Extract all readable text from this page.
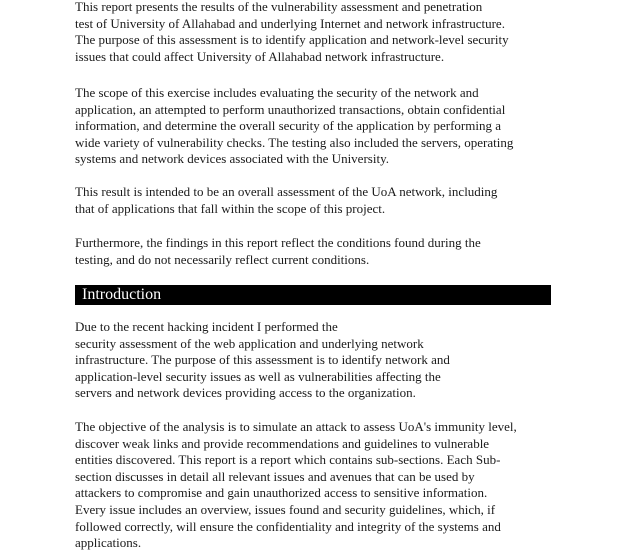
This report presents the results of the vulnerability assessment and penetration
test of University of Allahabad and underlying Internet and network infrastructure.
The purpose of this assessment is to identify application and network-level security
issues that could affect University of Allahabad network infrastructure.

The scope of this exercise includes evaluating the security of the network and
application, an attempted to perform unauthorized transactions, obtain confidential
information, and determine the overall security of the application by performing a
wide variety of vulnerability checks. The testing also included the servers, operating
systems and network devices associated with the University.

This result is intended to be an overall assessment of the UoA network, including
that of applications that fall within the scope of this project.

Furthermore, the findings in this report reflect the conditions found during the
testing, and do not necessarily reflect current conditions.

Introduction

Due to the recent hacking incident I performed the
security assessment of the web application and underlying network
infrastructure. The purpose of this assessment is to identify network and
application-level security issues as well as vulnerabilities affecting the
servers and network devices providing access to the organization.

The objective of the analysis is to simulate an attack to assess UoA's immunity level,
discover weak links and provide recommendations and guidelines to vulnerable
entities discovered. This report is a report which contains sub-sections. Each Sub-
section discusses in detail all relevant issues and avenues that can be used by
attackers to compromise and gain unauthorized access to sensitive information.
Every issue includes an overview, issues found and security guidelines, which, if
followed correctly, will ensure the confidentiality and integrity of the systems and
applications.
